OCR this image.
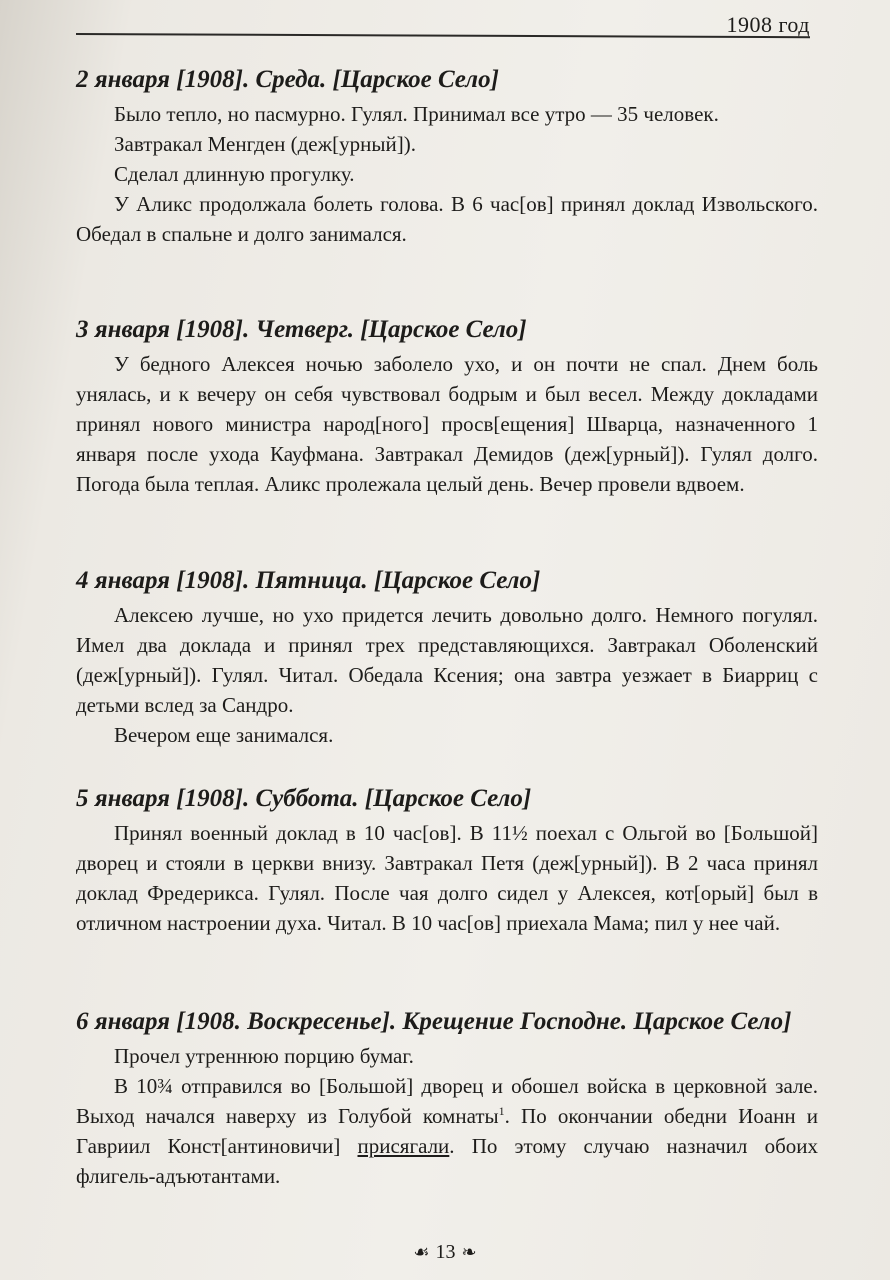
1908 год
2 января [1908]. Среда. [Царское Село]

Было тепло, но пасмурно. Гулял. Принимал все утро — 35 человек.

Завтракал Менгден (деж[урный]).

Сделал длинную прогулку.

У Аликс продолжала болеть голова. В 6 час[ов] принял доклад Извольского. Обедал в спальне и долго занимался.

3 января [1908]. Четверг. [Царское Село]

У бедного Алексея ночью заболело ухо, и он почти не спал. Днем боль унялась, и к вечеру он себя чувствовал бодрым и был весел. Между докладами принял нового министра народ[ного] просв[ещения] Шварца, назначенного 1 января после ухода Кауфмана. Завтракал Демидов (деж[урный]). Гулял долго. Погода была теплая. Аликс пролежала целый день. Вечер провели вдвоем.

4 января [1908]. Пятница. [Царское Село]

Алексею лучше, но ухо придется лечить довольно долго. Немного погулял. Имел два доклада и принял трех представляющихся. Завтракал Оболенский (деж[урный]). Гулял. Читал. Обедала Ксения; она завтра уезжает в Биарриц с детьми вслед за Сандро.

Вечером еще занимался.

5 января [1908]. Суббота. [Царское Село]

Принял военный доклад в 10 час[ов]. В 11½ поехал с Ольгой во [Большой] дворец и стояли в церкви внизу. Завтракал Петя (деж[урный]). В 2 часа принял доклад Фредерикса. Гулял. После чая долго сидел у Алексея, кот[орый] был в отличном настроении духа. Читал. В 10 час[ов] приехала Мама; пил у нее чай.

6 января [1908. Воскресенье]. Крещение Господне. Царское Село]

Прочел утреннюю порцию бумаг.

В 10¾ отправился во [Большой] дворец и обошел войска в церковной зале. Выход начался наверху из Голубой комнаты$^1$. По окончании обедни Иоанн и Гавриил Конст[антиновичи] присягали. По этому случаю назначил обоих флигель-адъютантами.

☙ 13 ❧
